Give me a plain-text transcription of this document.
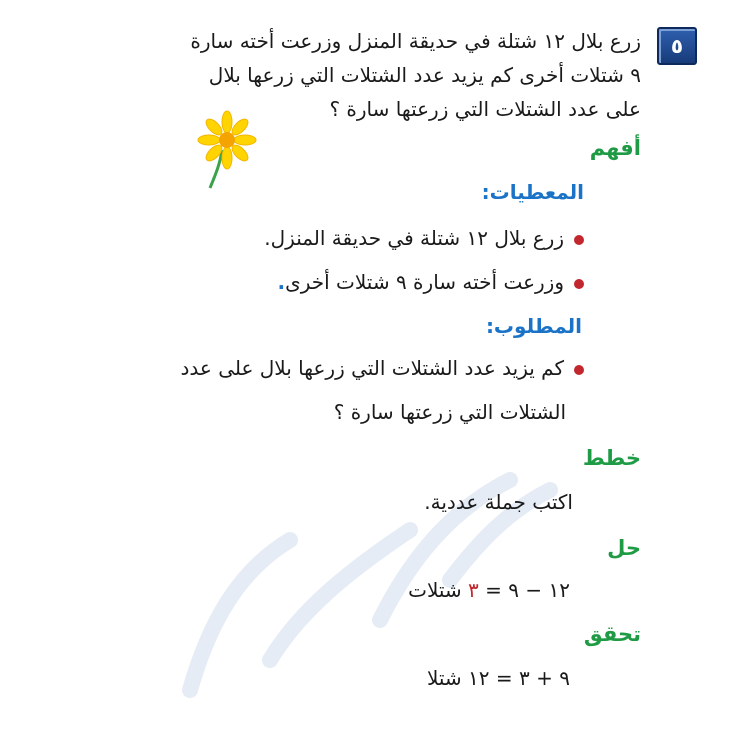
٥
زرع بلال ١٢ شتلة في حديقة المنزل وزرعت أخته سارة
٩ شتلات أخرى كم يزيد عدد الشتلات التي زرعها بلال
على عدد الشتلات التي زرعتها سارة ؟
أفهم
المعطيات:
زرع بلال ١٢ شتلة في حديقة المنزل.
وزرعت أخته سارة ٩ شتلات أخرى.
المطلوب:
كم يزيد عدد الشتلات التي زرعها بلال على عدد
الشتلات التي زرعتها سارة ؟
خطط
اكتب جملة عددية.
حل
١٢ − ٩ = ٣ شتلات
تحقق
٩ + ٣ = ١٢ شتلا
